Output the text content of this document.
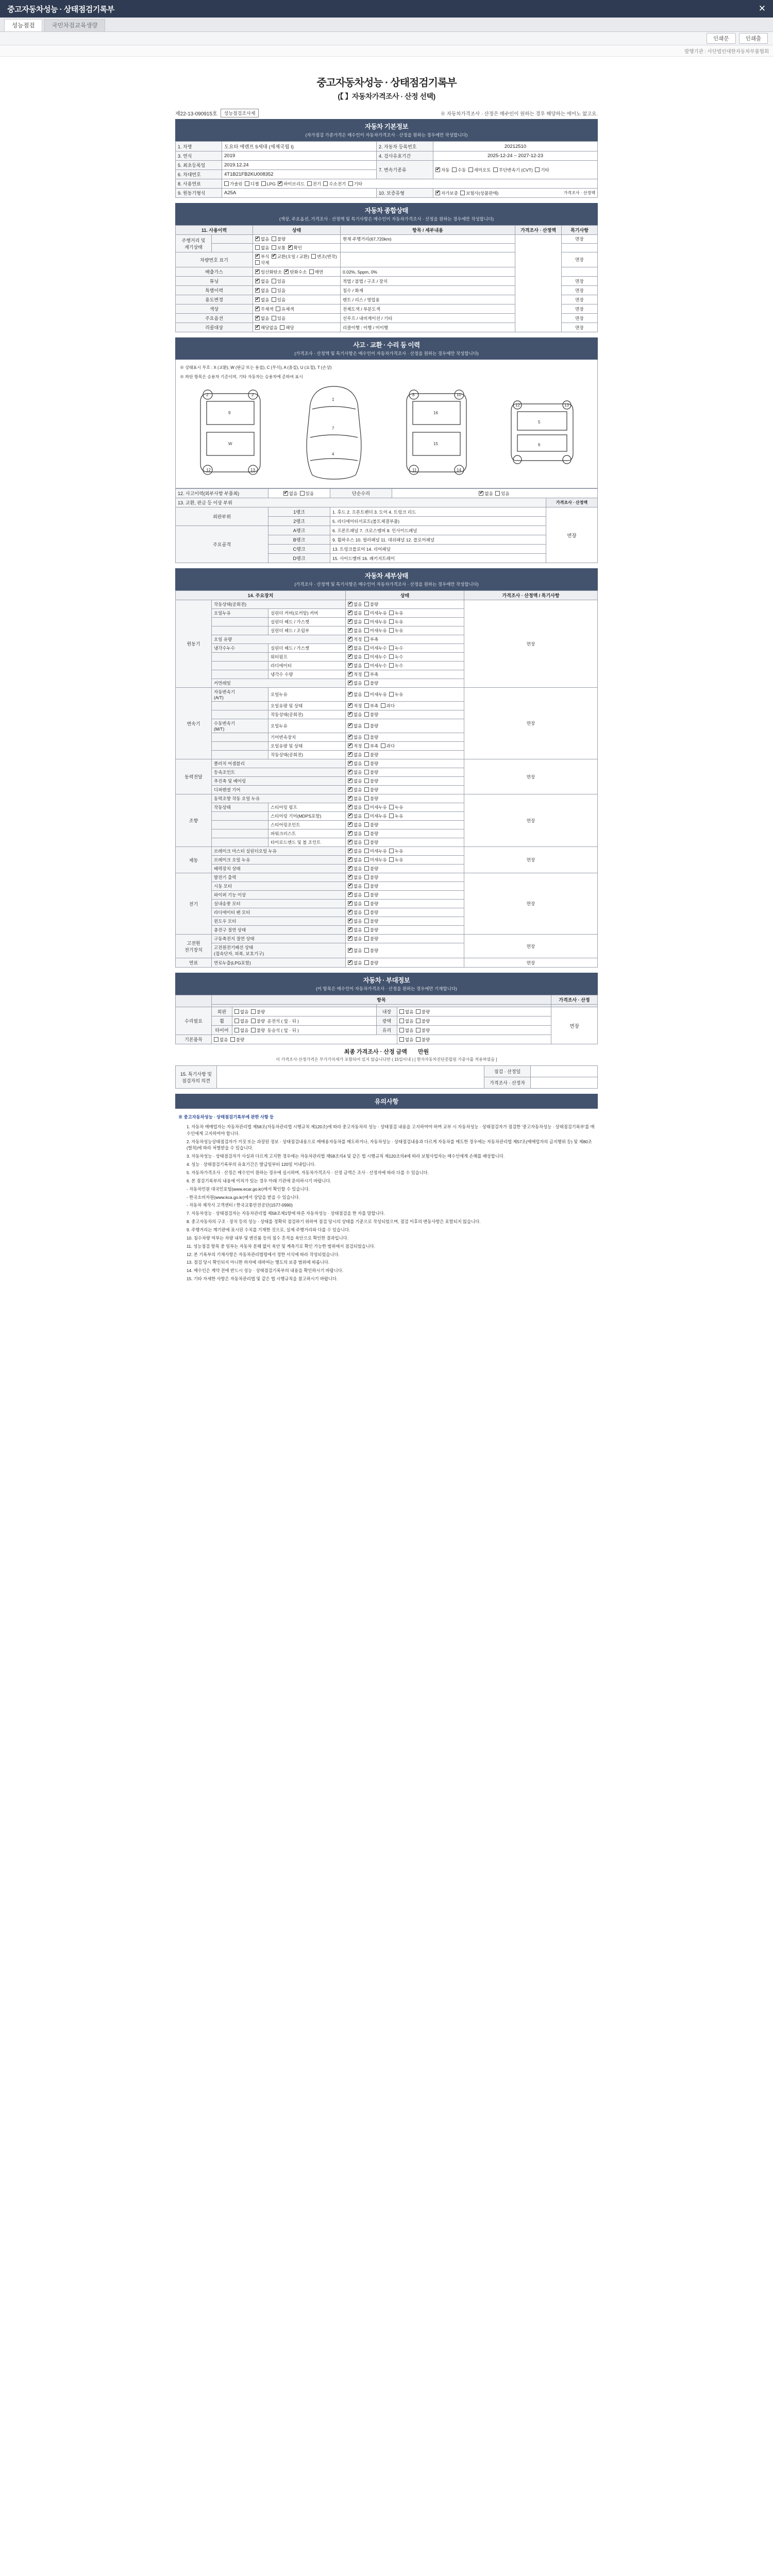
중고자동차성능 · 상태점검기록부	✕
성능점검	국민차검교육생량
인쇄문	인쇄출
발행기관 : 사단법인대한자동차부품협회
중고자동차성능 · 상태점검기록부
(【 】자동차가격조사 · 산정 선택)
제22-13-090915호	성능점검조사제	※ 자동차가격조사 · 산정은 매수인이 원하는 경우 해당하는 에어노 없고요.
자동차 기본정보
(자가점검 가준가격은 매수인이 자동차가격조사 · 산정을 원하는 경우에만 작성합니다)
1. 차명	도요타 에렌프 5세대 (세제국립 I)	2. 자동차 등록번호	20212510
3. 연식	2019	4. 검사유효기간	2025-12-24 ~ 2027-12-23
5. 최초등록일	2019.12.24	7. 변속기종류	✔자동 수동 세미오토 무단변속기 (CVT) 기타
6. 차대번호	4T1B21FB2KU008352		
8. 사용연료	가솔린 디젤 LPG ✔ 하이브리드 전기 수소전기 기타
9. 원동기형식	A25A	10. 보증유형	✔자가보증 보험사(상품판매) 가격조사 · 산정액
자동차 종합상태
(색상, 주요옵션, 가격조사 · 산정액 및 특기사항은 매수인이 자동차가격조사 · 산정을 원하는 경우에만 작성합니다)
11. 사용이력		상태	항목 / 세부내용	가격조사 · 산정액	특기사항
주행거리 및
계기상태		✔없음 불량	현재 주행거리(67,720km)		면장
		없음 보통 ✔ 확인		
차량번호 표기	✔부식 ✔ 교환(오일 / 교환) 변조(변작) 삭제			면장
배출가스	✔일산화탄소 ✔ 탄화수소 매연	0.02%, 5ppm, 0%		
튜닝	✔없음 있음	적법 / 불법 / 구조 / 장치		면장
특별이력	✔없음 있음	침수 / 화재		면장
용도변경	✔없음 있음	렌트 / 리스 / 영업용		면장
색상	✔무채색 유채색	전체도색 / 부분도색		면장
주요옵션	✔없음 있음	선루프 / 내비게이션 / 기타		면장
리콜대상	✔해당없음 해당	리콜이행 : 이행 / 미이행		면장
사고 · 교환 · 수리 등 이력
(가격조사 · 산정액 및 특기사항은 매수인이 자동차가격조사 · 산정을 원하는 경우에만 작성합니다)
※ 상태표시 부호 : X (교환), W (판금 또는 용접), C (부식), A (흠집), U (요철), T (손상)
※ 하단 항목은 승용차 기준이며, 기타 자동차는 승용차에 준하여 표시
2	2
12	13
9
W
1
7
4
8	10
11	14
16
15
12	13
5
6
12. 사고이력(외부사항 부품최)	✔없음 있음	단순수리	✔없음 있음
13. 교환, 판금 등 이상 부위				가격조사 · 산정액
외판부위	1랭크	1. 후드 2. 프론트펜더 3. 도어 4. 트렁크 리드		면장
	2랭크	5. 라디에이터서포트(볼트체결부품)		
주요골격	A랭크	6. 프론트패널 7. 크로스멤버 8. 인사이드패널		
	B랭크	9. 휠하우스 10. 필러패널 11. 대쉬패널 12. 플로어패널		
	C랭크	13. 트렁크플로어 14. 리어패널		
	D랭크	15. 사이드멤버 16. 패키지트레이		
자동차 세부상태
(가격조사 · 산정액 및 특기사항은 매수인이 자동차가격조사 · 산정을 원하는 경우에만 작성합니다)
14. 주요장치			상태	가격조사 · 산정액 / 특기사항
원동기	작동상태(공회전)	✔없음 불량	면장
	오일누유	실린더 커버(로커암) 커버	✔없음 미세누유 누유
		실린더 헤드 / 가스켓	✔없음 미세누유 누유
		실린더 헤드 / 조립부	✔없음 미세누유 누유
	오일 유량	✔적정 부족
	냉각수누수	실린더 헤드 / 가스켓	✔없음 미세누수 누수
		워터펌프	✔없음 미세누수 누수
		라디에이터	✔없음 미세누수 누수
		냉각수 수량	✔적정 부족
	커먼레일	✔없음 불량
변속기	자동변속기
(A/T)	오일누유	✔없음 미세누유 누유	면장
		오일유량 및 상태	✔적정 부족 과다
		작동상태(공회전)	✔없음 불량
	수동변속기
(M/T)	오일누유	✔없음 불량
		기어변속장치	✔없음 불량
		오일유량 및 상태	✔적정 부족 과다
		작동상태(공회전)	✔없음 불량
동력전달	클러치 어셈블리	✔없음 불량	면장
	등속조인트	✔없음 불량
	추진축 및 베어링	✔없음 불량
	디퍼렌셜 기어	✔없음 불량
조향	동력조향 작동 오일 누유	✔없음 불량	면장
	작동상태	스티어링 펌프	✔없음 미세누유 누유
		스티어링 기어(MDPS포함)	✔없음 미세누유 누유
		스티어링조인트	✔없음 불량
		파워크러스트	✔없음 불량
		타이로드엔드 및 볼 조인트	✔없음 불량
제동	브레이크 마스터 실린더오일 누유	✔없음 미세누유 누유	면장
	브레이크 오일 누유	✔없음 미세누유 누유
	배력장치 상태	✔없음 불량
전기	발전기 출력	✔없음 불량	면장
	시동 모터	✔없음 불량
	와이퍼 기능 이상	✔없음 불량
	실내송풍 모터	✔없음 불량
	라디에이터 팬 모터	✔없음 불량
	윈도우 모터	✔없음 불량
	충전구 절연 상태	✔없음 불량
고전원
전기장치	구동축전지 절연 상태	✔없음 불량	면장
	고전원전기배선 상태
(접속단자, 피복, 보호기구)	✔없음 불량
연료	연료누출(LPG포함)	✔없음 불량	면장
자동차 · 부대정보
(이 항목은 매수인이 자동차가격조사 · 산정을 원하는 경우에만 기재합니다)
	항목				가격조사 · 산정

수리필요	외판	없음 불량	내장	없음 불량	면장
	휠	없음 불량 운전석 ( 앞 · 뒤 )	광택	없음 불량	
	타이어	없음 불량 동승석 ( 앞 · 뒤 )	유리	없음 불량	
기본품목	없음 불량			없음 불량	
최종 가격조사 · 산정 금액 만원
이 가격조사·산정가격은 부가가치세가 포함되어 있지 않습니다만 ( 15일이내 ) [ 현자자동차진단총합원 가중사를 적용하였음 ]
15. 특기사항 및 점검자의 의견		점검 · 산정일	
		가격조사 · 산정자	
유의사항
※ 중고자동차성능 · 상태점검기록부에 관한 사항 등
1. 자동차 매매업자는 자동차관리법 제58조(자동차관리법 시행규칙 제120조)에 따라 중고자동차의 성능 · 상태점검 내용을 고지하여야 하며 교부 시 자동차성능 · 상태점검자가 점검한 '중고자동차성능 · 상태점검기록부'를 매수인에게 고지하여야 합니다.
2. 자동차성능상태점검자가 거짓 또는 과장된 정보 · 상태점검내용으로 매매용자동차를 매도하거나, 자동차성능 · 상태점검내용과 다르게 자동차를 매도한 경우에는 자동차관리법 제57조(매매업자의 금지행위 등) 및 제80조(벌칙)에 따라 처벌받을 수 있습니다.
3. 자동차성능 · 상태점검자가 사실과 다르게 고지한 경우에는 자동차관리법 제58조의4 및 같은 법 시행규칙 제120조의4에 따라 보험사업자는 매수인에게 손해를 배상합니다.
4. 성능 · 상태점검기록부의 유효기간은 발급일부터 120일 이내입니다.
5. 자동차가격조사 · 산정은 매수인이 원하는 경우에 실시하며, 자동차가격조사 · 산정 금액은 조사 · 산정자에 따라 다를 수 있습니다.
6. 본 점검기록부의 내용에 이의가 있는 경우 아래 기관에 문의하시기 바랍니다.
- 자동차민원 대국민포털(www.ecar.go.kr)에서 확인할 수 있습니다.
- 한국소비자원(www.kca.go.kr)에서 상담을 받을 수 있습니다.
- 자동차 제작사 고객센터 / 한국교통안전공단(1577-0990)
7. 자동차성능 · 상태점검자는 자동차관리법 제58조제1항에 따른 자동차성능 · 상태점검을 한 자를 말합니다.
8. 중고자동차의 구조 · 장치 등의 성능 · 상태를 정확히 점검하기 위하여 점검 당시의 상태를 기준으로 작성되었으며, 점검 이후의 변동사항은 포함되지 않습니다.
9. 주행거리는 계기판에 표시된 수치를 기재한 것으로, 실제 주행거리와 다를 수 있습니다.
10. 침수차량 여부는 차량 내부 및 엔진룸 등의 침수 흔적을 육안으로 확인한 결과입니다.
11. 성능점검 항목 중 일부는 자동차 분해 없이 육안 및 계측기로 확인 가능한 범위에서 점검되었습니다.
12. 본 기록부의 기재사항은 자동차관리법령에서 정한 서식에 따라 작성되었습니다.
13. 점검 당시 확인되지 아니한 하자에 대하여는 별도의 보증 범위에 따릅니다.
14. 매수인은 계약 전에 반드시 성능 · 상태점검기록부의 내용을 확인하시기 바랍니다.
15. 기타 자세한 사항은 자동차관리법 및 같은 법 시행규칙을 참고하시기 바랍니다.
